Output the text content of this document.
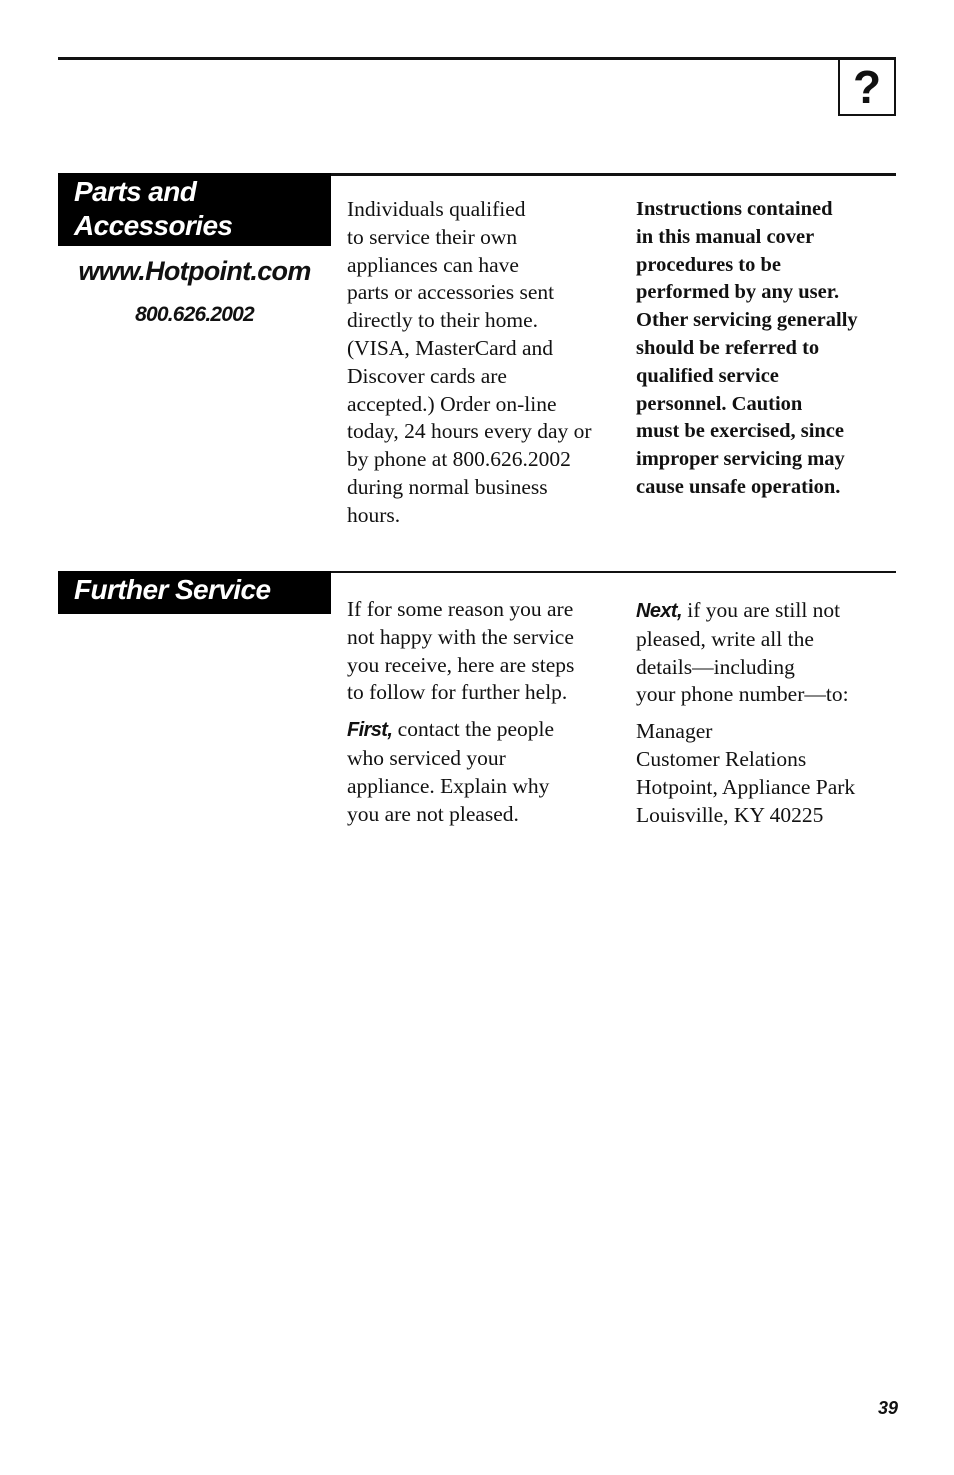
?
Parts and
Accessories
www.Hotpoint.com
800.626.2002
Individuals qualified
to service their own
appliances can have
parts or accessories sent
directly to their home.
(VISA, MasterCard and
Discover cards are
accepted.) Order on-line
today, 24 hours every day or
by phone at 800.626.2002
during normal business
hours.
Instructions contained
in this manual cover
procedures to be
performed by any user.
Other servicing generally
should be referred to
qualified service
personnel. Caution
must be exercised, since
improper servicing may
cause unsafe operation.
Further Service
If for some reason you are
not happy with the service
you receive, here are steps
to follow for further help.
First, contact the people
who serviced your
appliance. Explain why
you are not pleased.
Next, if you are still not
pleased, write all the
details—including
your phone number—to:
Manager
Customer Relations
Hotpoint, Appliance Park
Louisville, KY 40225
39
